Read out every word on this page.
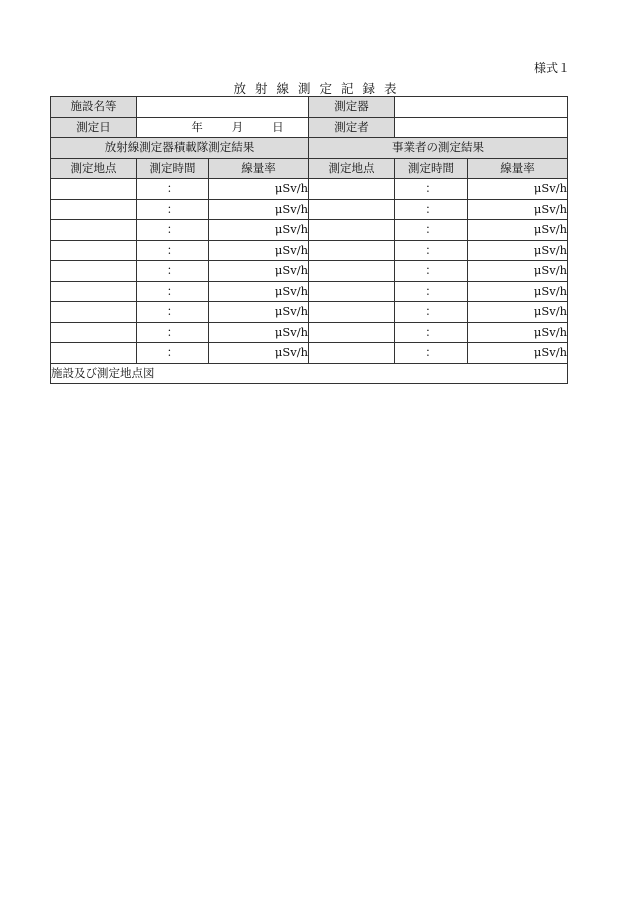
様式１
放射線測定記録表
施設名等			測定器		
測定日	年 月 日		測定者		
放射線測定器積載隊測定結果			事業者の測定結果		
測定地点	測定時間	線量率	測定地点	測定時間	線量率
	：	μSv/h		：	μSv/h
	：	μSv/h		：	μSv/h
	：	μSv/h		：	μSv/h
	：	μSv/h		：	μSv/h
	：	μSv/h		：	μSv/h
	：	μSv/h		：	μSv/h
	：	μSv/h		：	μSv/h
	：	μSv/h		：	μSv/h
	：	μSv/h		：	μSv/h
施設及び測定地点図					
